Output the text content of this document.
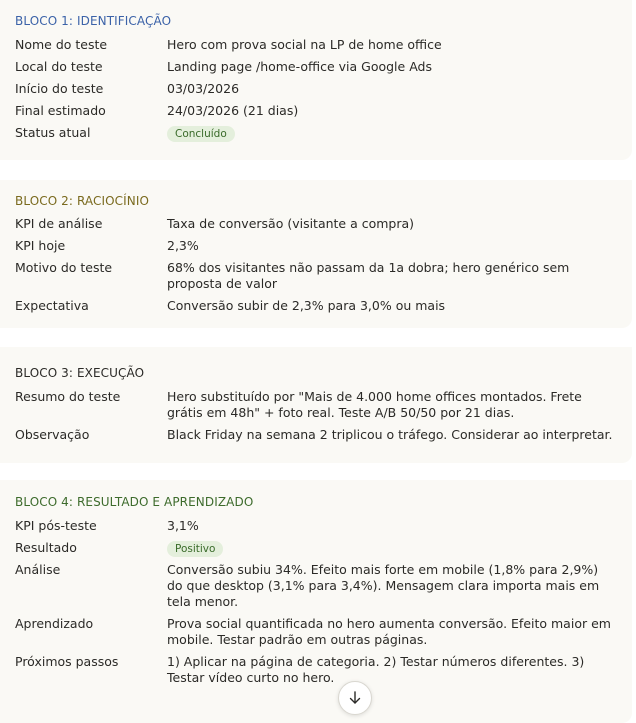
BLOCO 1: IDENTIFICAÇÃO
Nome do teste	Hero com prova social na LP de home office
Local do teste	Landing page /home-office via Google Ads
Início do teste	03/03/2026
Final estimado	24/03/2026 (21 dias)
Status atual	Concluído
BLOCO 2: RACIOCÍNIO
KPI de análise	Taxa de conversão (visitante a compra)
KPI hoje	2,3%
Motivo do teste	68% dos visitantes não passam da 1a dobra; hero genérico sem proposta de valor
Expectativa	Conversão subir de 2,3% para 3,0% ou mais
BLOCO 3: EXECUÇÃO
Resumo do teste	Hero substituído por "Mais de 4.000 home offices montados. Frete grátis em 48h" + foto real. Teste A/B 50/50 por 21 dias.
Observação	Black Friday na semana 2 triplicou o tráfego. Considerar ao interpretar.
BLOCO 4: RESULTADO E APRENDIZADO
KPI pós-teste	3,1%
Resultado	Positivo
Análise	Conversão subiu 34%. Efeito mais forte em mobile (1,8% para 2,9%) do que desktop (3,1% para 3,4%). Mensagem clara importa mais em tela menor.
Aprendizado	Prova social quantificada no hero aumenta conversão. Efeito maior em mobile. Testar padrão em outras páginas.
Próximos passos	1) Aplicar na página de categoria. 2) Testar números diferentes. 3) Testar vídeo curto no hero.
